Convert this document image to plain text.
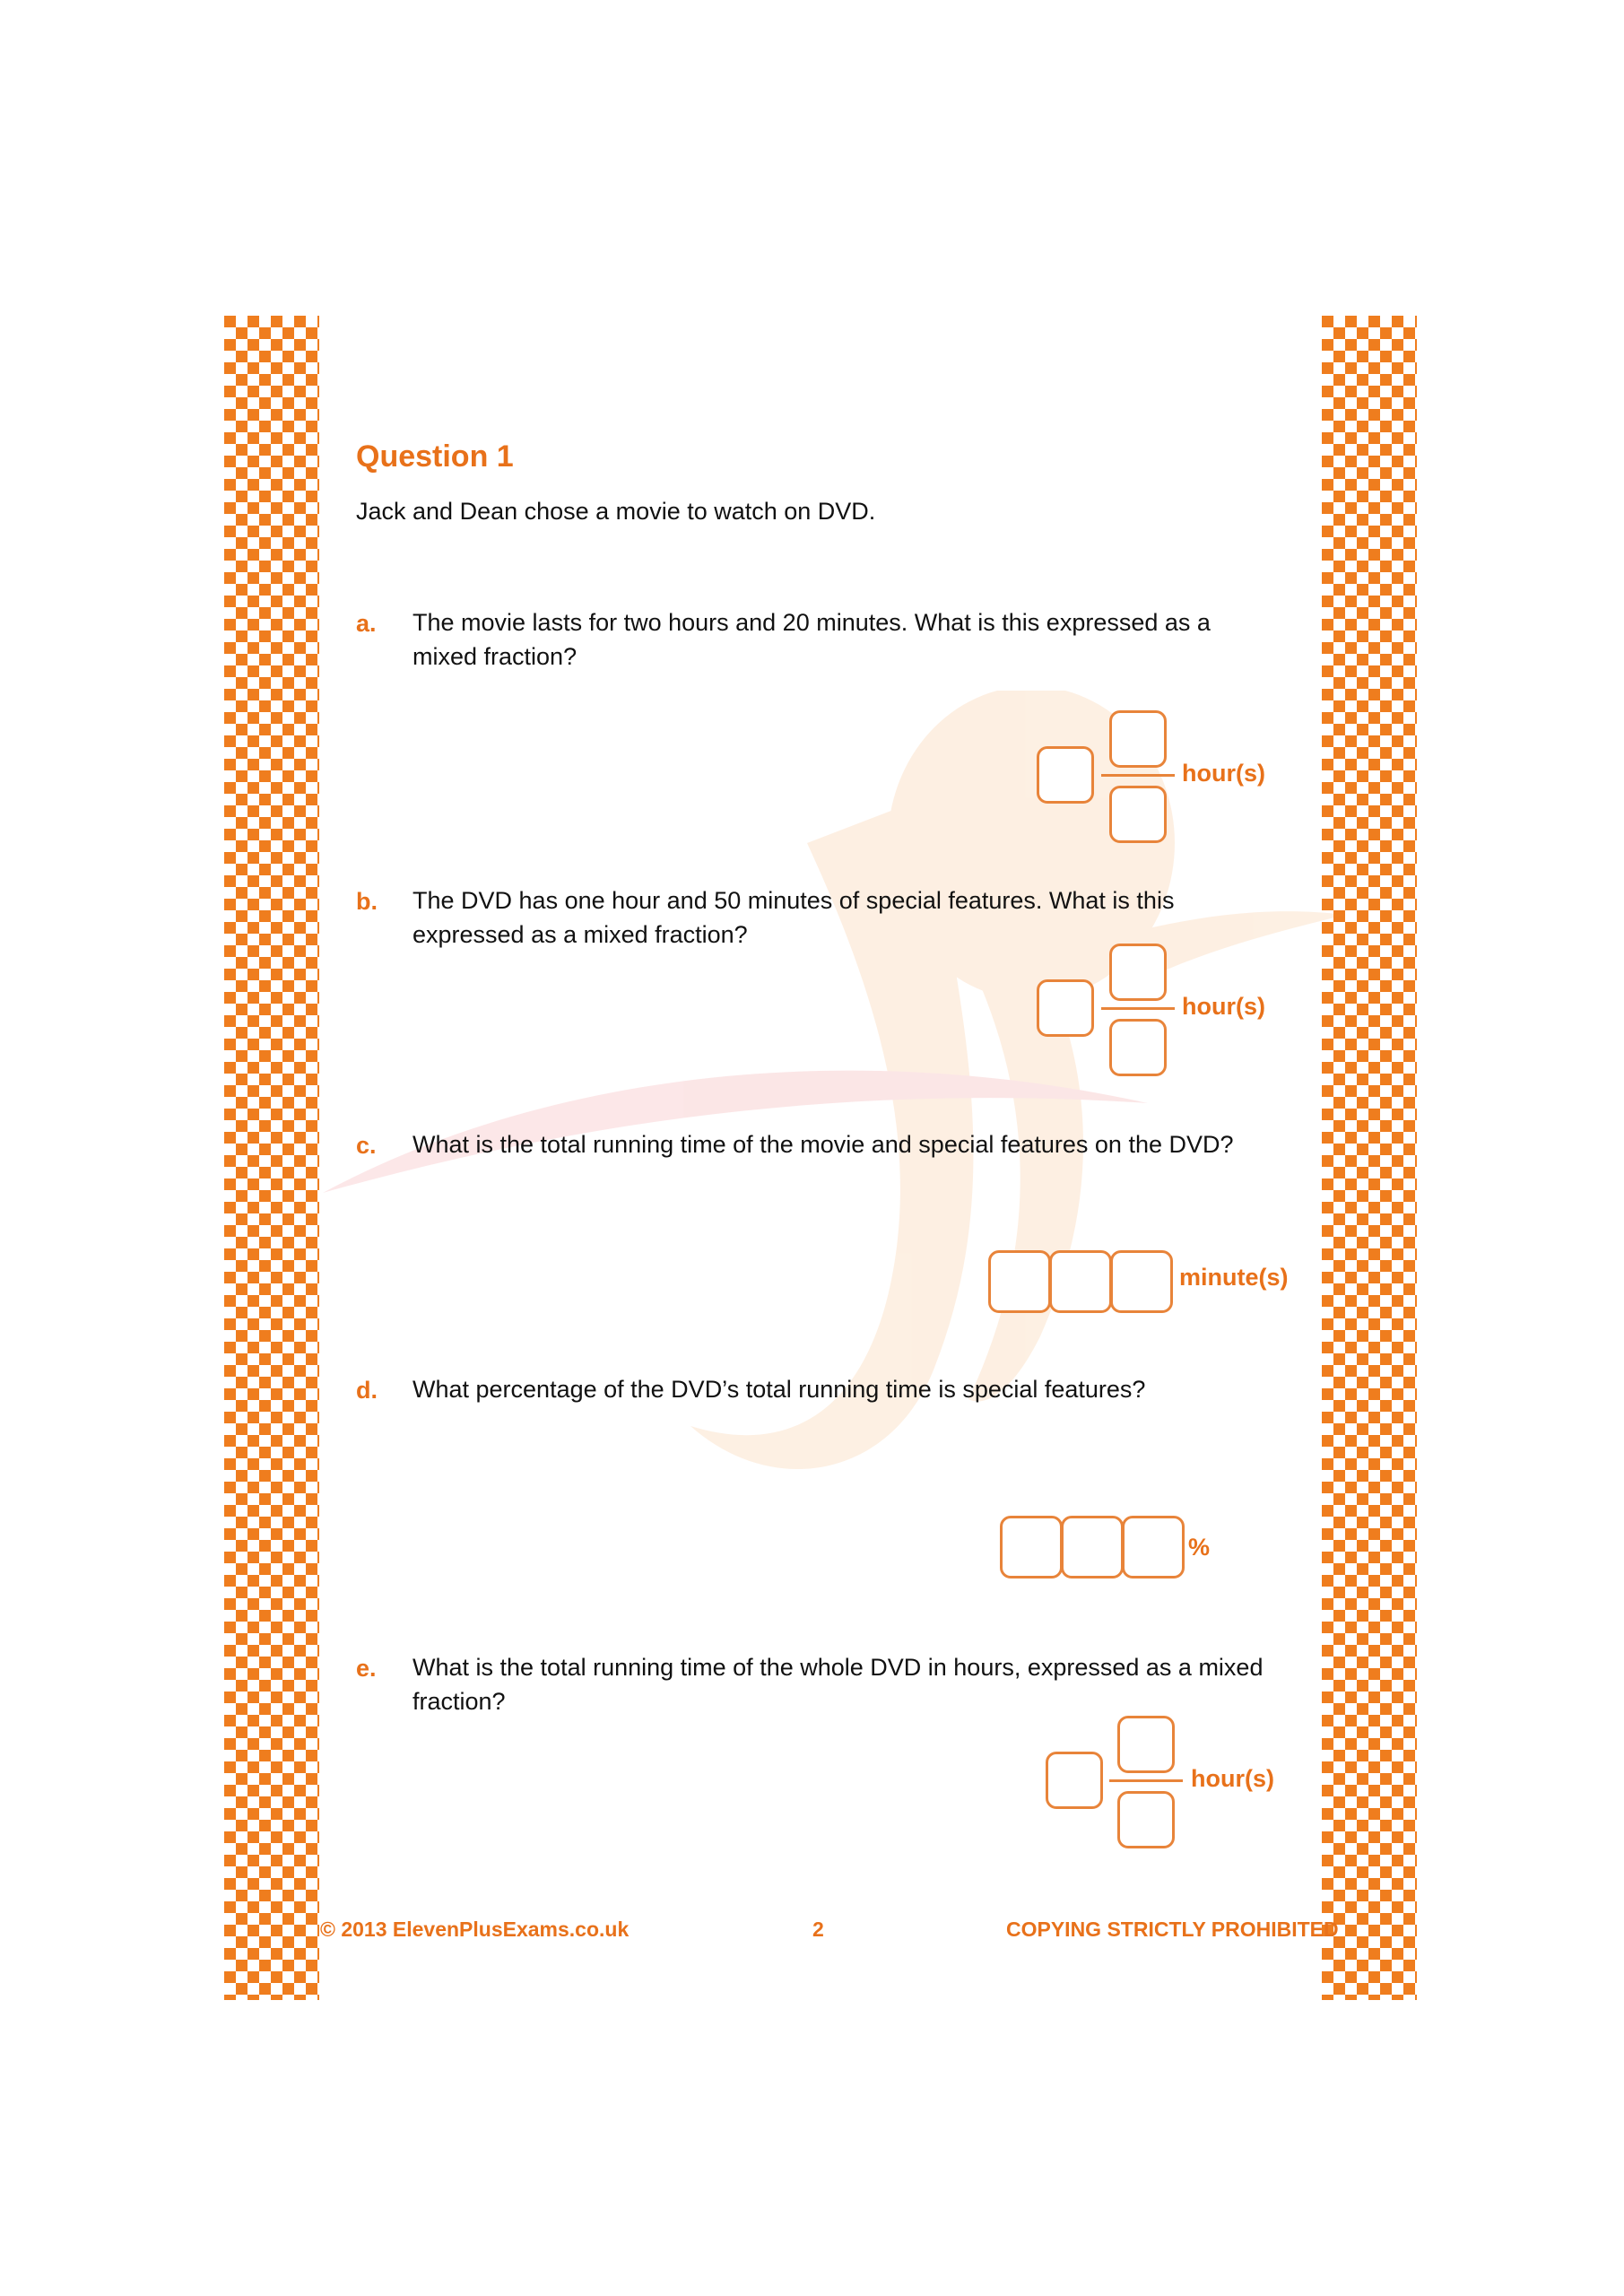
Question 1
Jack and Dean chose a movie to watch on DVD.
a. The movie lasts for two hours and 20 minutes. What is this expressed as a mixed fraction?
hour(s)
b. The DVD has one hour and 50 minutes of special features. What is this expressed as a mixed fraction?
hour(s)
c. What is the total running time of the movie and special features on the DVD?
minute(s)
d. What percentage of the DVD’s total running time is special features?
%
e. What is the total running time of the whole DVD in hours, expressed as a mixed fraction?
hour(s)
© 2013 ElevenPlusExams.co.uk	2	COPYING STRICTLY PROHIBITED
